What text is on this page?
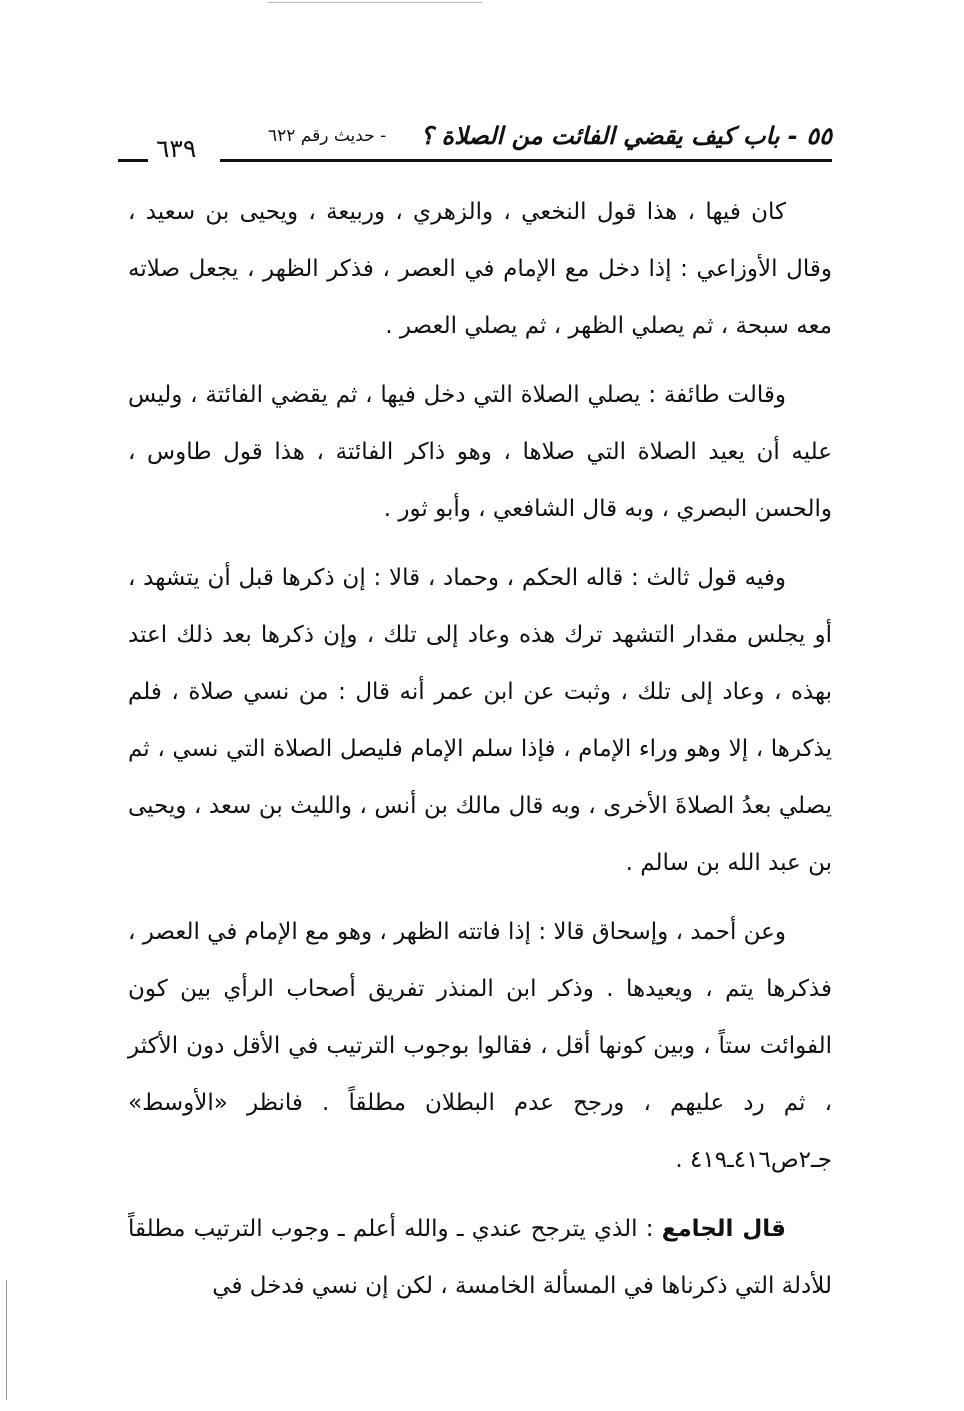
٥٥ - باب كيف يقضي الفائت من الصلاة ؟
- حديث رقم ٦٢٢
٦٣٩

كان فيها ، هذا قول النخعي ، والزهري ، وربيعة ، ويحيى بن سعيد ، وقال الأوزاعي : إذا دخل مع الإمام في العصر ، فذكر الظهر ، يجعل صلاته معه سبحة ، ثم يصلي الظهر ، ثم يصلي العصر .

وقالت طائفة : يصلي الصلاة التي دخل فيها ، ثم يقضي الفائتة ، وليس عليه أن يعيد الصلاة التي صلاها ، وهو ذاكر الفائتة ، هذا قول طاوس ، والحسن البصري ، وبه قال الشافعي ، وأبو ثور .

وفيه قول ثالث : قاله الحكم ، وحماد ، قالا : إن ذكرها قبل أن يتشهد ، أو يجلس مقدار التشهد ترك هذه وعاد إلى تلك ، وإن ذكرها بعد ذلك اعتد بهذه ، وعاد إلى تلك ، وثبت عن ابن عمر أنه قال : من نسي صلاة ، فلم يذكرها ، إلا وهو وراء الإمام ، فإذا سلم الإمام فليصل الصلاة التي نسي ، ثم يصلي بعدُ الصلاةَ الأخرى ، وبه قال مالك بن أنس ، والليث بن سعد ، ويحيى بن عبد الله بن سالم .

وعن أحمد ، وإسحاق قالا : إذا فاتته الظهر ، وهو مع الإمام في العصر ، فذكرها يتم ، ويعيدها . وذكر ابن المنذر تفريق أصحاب الرأي بين كون الفوائت ستاً ، وبين كونها أقل ، فقالوا بوجوب الترتيب في الأقل دون الأكثر ، ثم رد عليهم ، ورجح عدم البطلان مطلقاً . فانظر «الأوسط» جـ٢ص٤١٦ـ٤١٩ .

قال الجامع : الذي يترجح عندي ـ والله أعلم ـ وجوب الترتيب مطلقاً للأدلة التي ذكرناها في المسألة الخامسة ، لكن إن نسي فدخل في
